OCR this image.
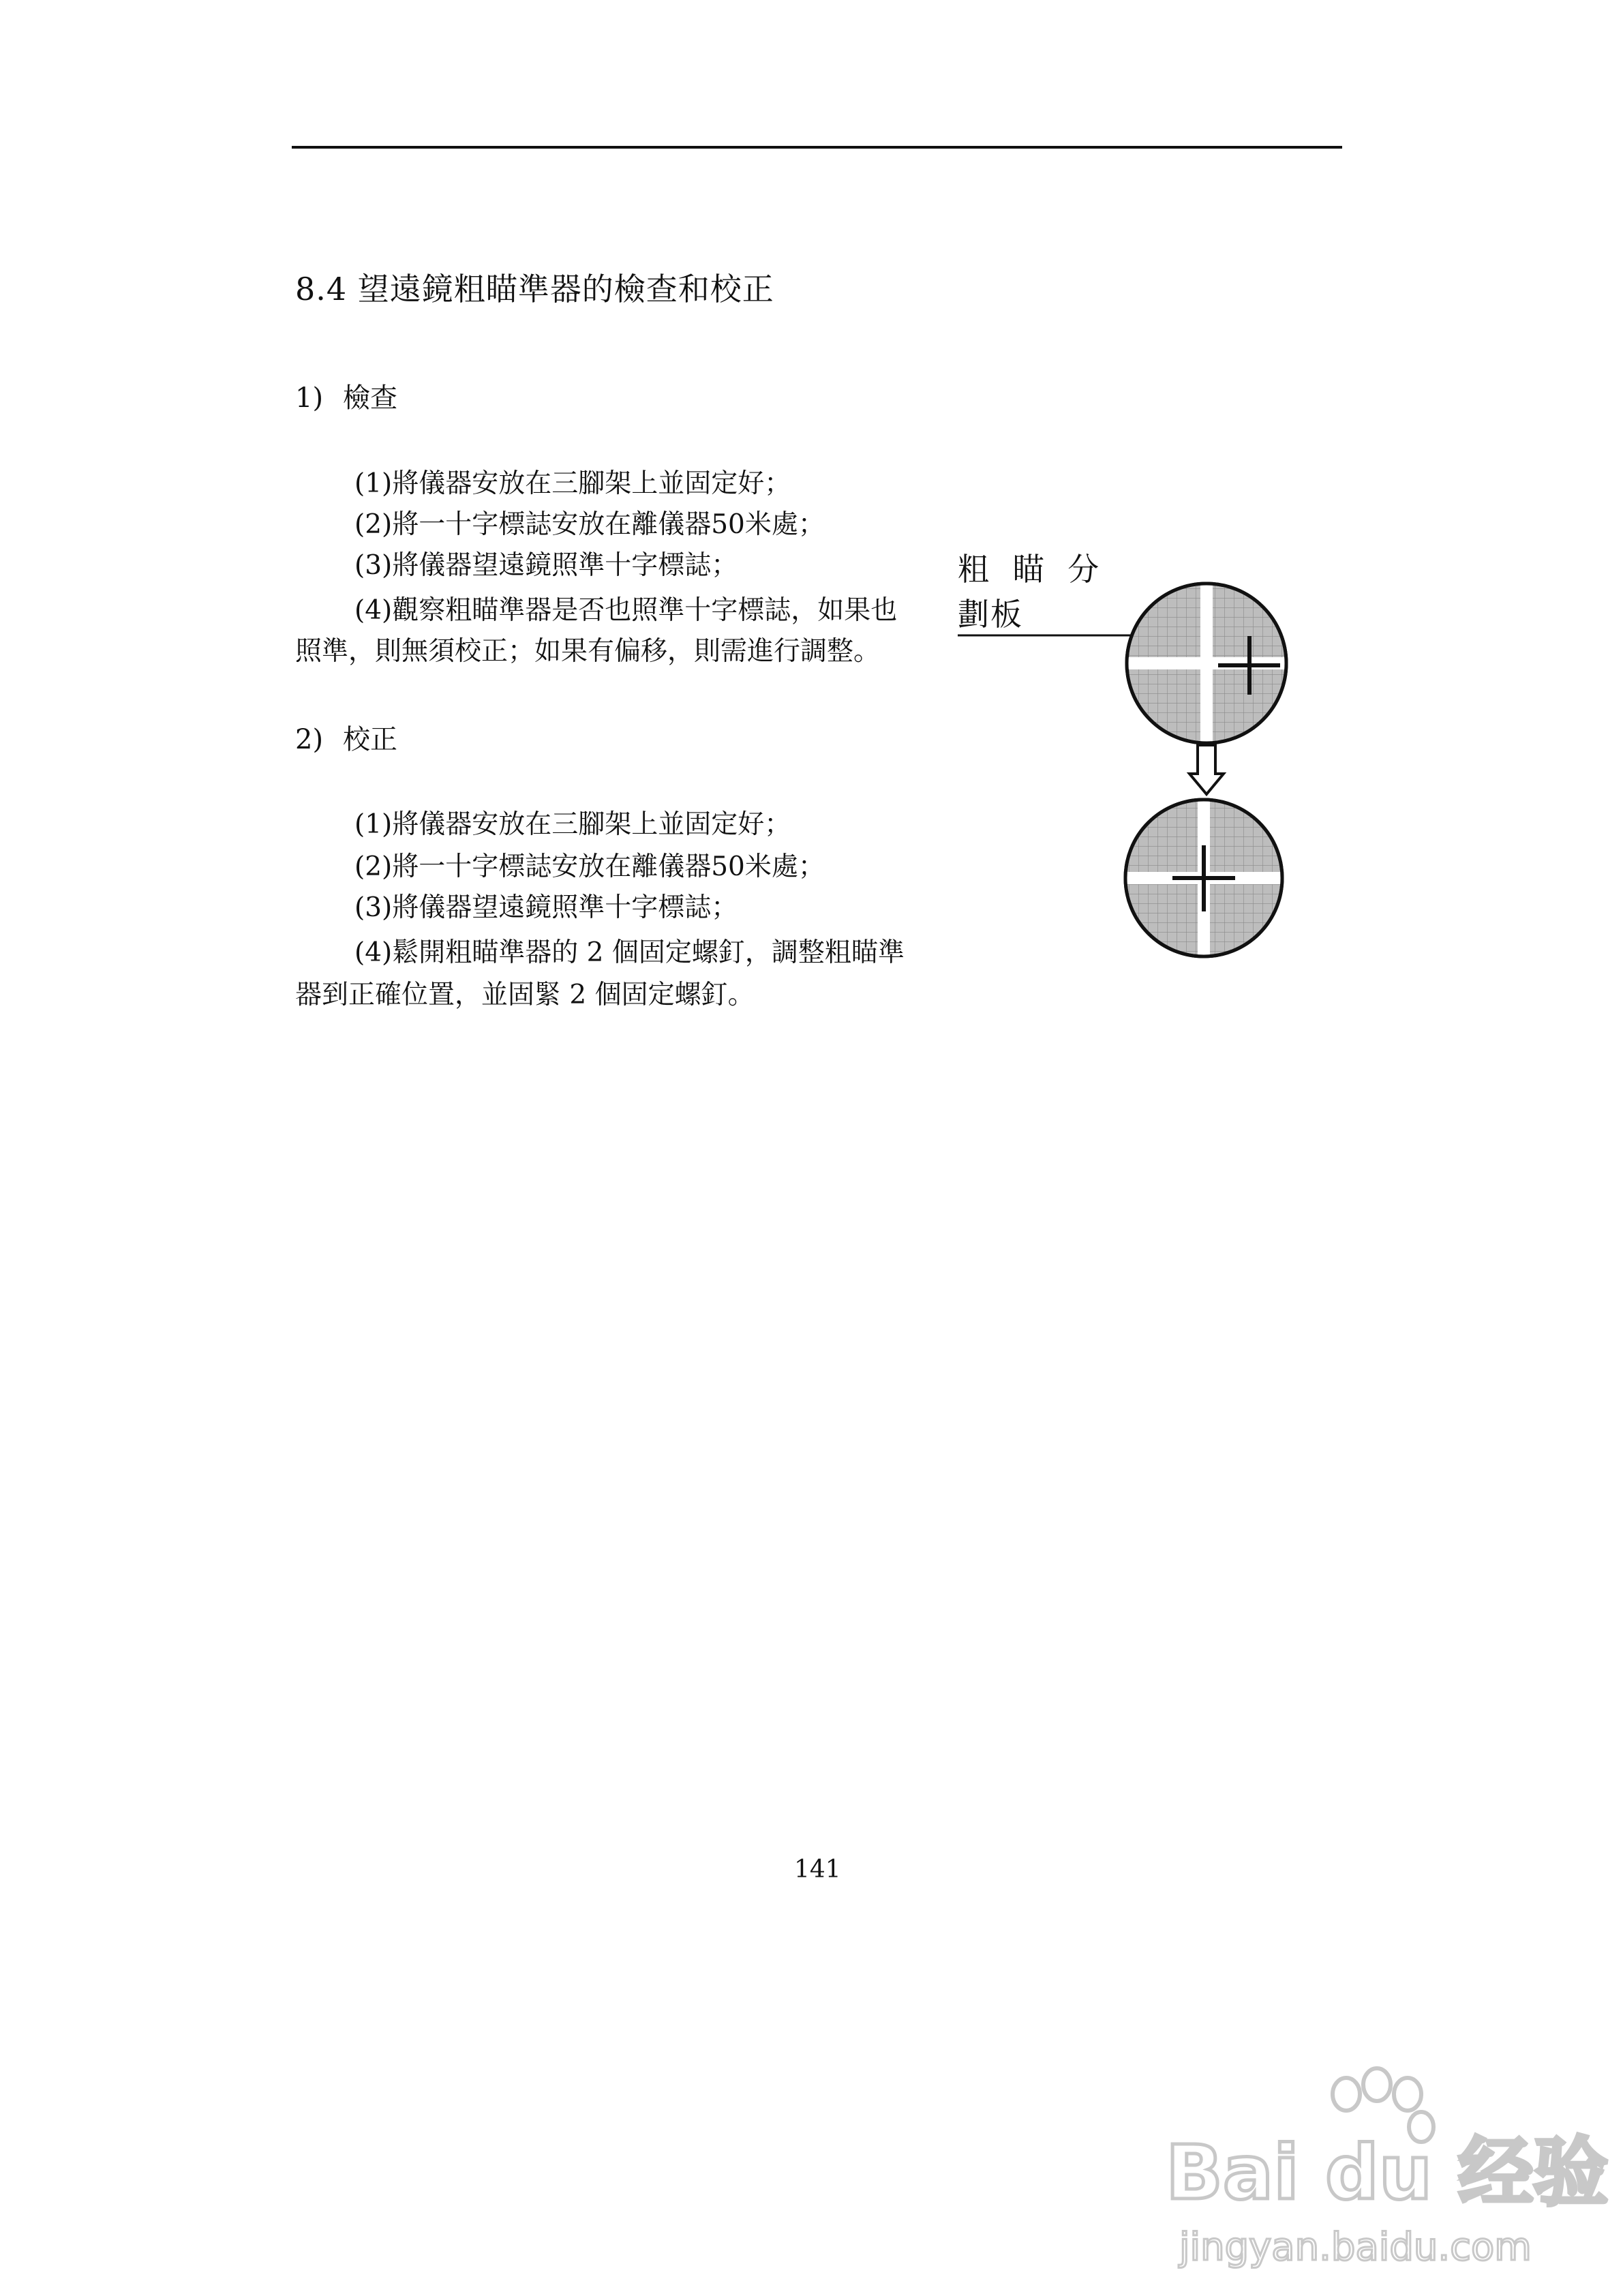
8.4 望遠鏡粗瞄準器的檢查和校正
1) 檢查
(1)將儀器安放在三腳架上並固定好；
(2)將一十字標誌安放在離儀器50米處；
(3)將儀器望遠鏡照準十字標誌；
(4)觀察粗瞄準器是否也照準十字標誌，如果也
照準，則無須校正；如果有偏移，則需進行調整。
2) 校正
(1)將儀器安放在三腳架上並固定好；
(2)將一十字標誌安放在離儀器50米處；
(3)將儀器望遠鏡照準十字標誌；
(4)鬆開粗瞄準器的 2 個固定螺釘，調整粗瞄準
器到正確位置，並固緊 2 個固定螺釘。
粗 瞄 分
劃板
141
Bai du 经验
jingyan.baidu.com
